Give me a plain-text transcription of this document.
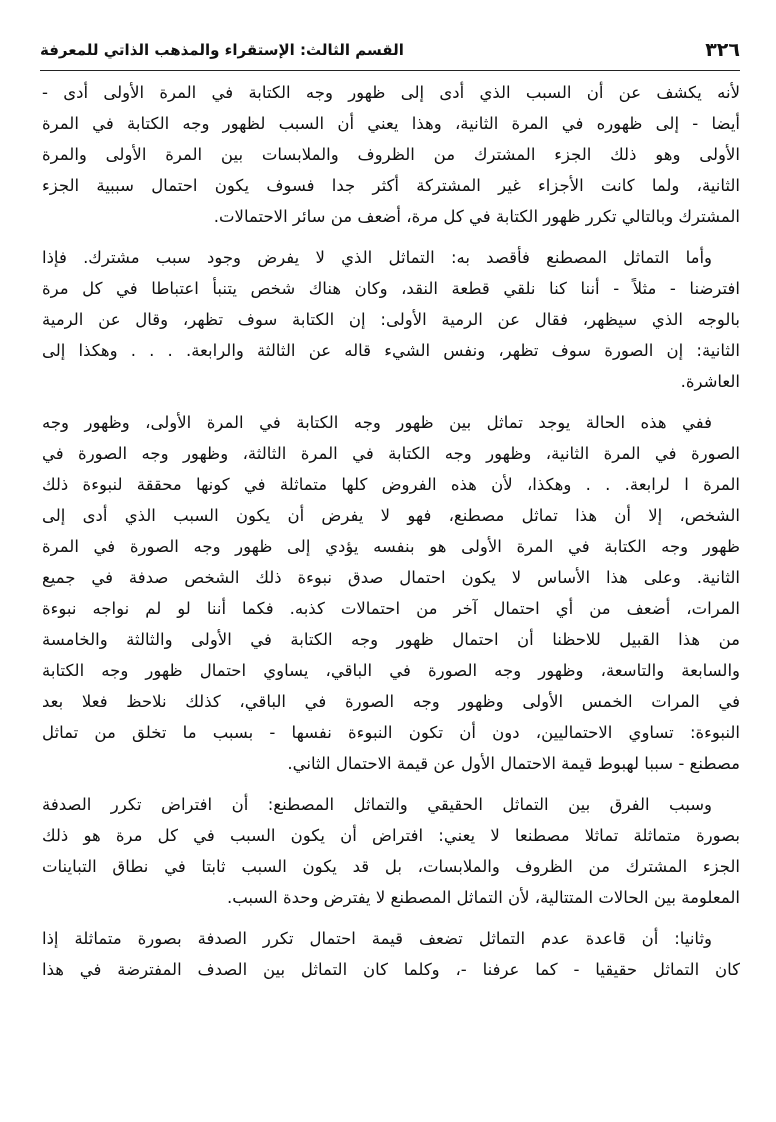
٣٢٦
القسم الثالث: الإستقراء والمذهب الذاتي للمعرفة
لأنه يكشف عن أن السبب الذي أدى إلى ظهور وجه الكتابة في المرة الأولى أدى -
أيضا - إلى ظهوره في المرة الثانية، وهذا يعني أن السبب لظهور وجه الكتابة في المرة
الأولى وهو ذلك الجزء المشترك من الظروف والملابسات بين المرة الأولى والمرة
الثانية، ولما كانت الأجزاء غير المشتركة أكثر جدا فسوف يكون احتمال سببية الجزء
المشترك وبالتالي تكرر ظهور الكتابة في كل مرة، أضعف من سائر الاحتمالات.
وأما التماثل المصطنع فأقصد به: التماثل الذي لا يفرض وجود سبب مشترك. فإذا
افترضنا - مثلاً - أننا كنا نلقي قطعة النقد، وكان هناك شخص يتنبأ اعتباطا في كل مرة
بالوجه الذي سيظهر، فقال عن الرمية الأولى: إن الكتابة سوف تظهر، وقال عن الرمية
الثانية: إن الصورة سوف تظهر، ونفس الشيء قاله عن الثالثة والرابعة. . . . وهكذا إلى
العاشرة.
ففي هذه الحالة يوجد تماثل بين ظهور وجه الكتابة في المرة الأولى، وظهور وجه
الصورة في المرة الثانية، وظهور وجه الكتابة في المرة الثالثة، وظهور وجه الصورة في
المرة ا لرابعة. . . وهكذا، لأن هذه الفروض كلها متماثلة في كونها محققة لنبوءة ذلك
الشخص، إلا أن هذا تماثل مصطنع، فهو لا يفرض أن يكون السبب الذي أدى إلى
ظهور وجه الكتابة في المرة الأولى هو بنفسه يؤدي إلى ظهور وجه الصورة في المرة
الثانية. وعلى هذا الأساس لا يكون احتمال صدق نبوءة ذلك الشخص صدفة في جميع
المرات، أضعف من أي احتمال آخر من احتمالات كذبه. فكما أننا لو لم نواجه نبوءة
من هذا القبيل للاحظنا أن احتمال ظهور وجه الكتابة في الأولى والثالثة والخامسة
والسابعة والتاسعة، وظهور وجه الصورة في الباقي، يساوي احتمال ظهور وجه الكتابة
في المرات الخمس الأولى وظهور وجه الصورة في الباقي، كذلك نلاحظ فعلا بعد
النبوءة: تساوي الاحتماليين، دون أن تكون النبوءة نفسها - بسبب ما تخلق من تماثل
مصطنع - سببا لهبوط قيمة الاحتمال الأول عن قيمة الاحتمال الثاني.
وسبب الفرق بين التماثل الحقيقي والتماثل المصطنع: أن افتراض تكرر الصدفة
بصورة متماثلة تماثلا مصطنعا لا يعني: افتراض أن يكون السبب في كل مرة هو ذلك
الجزء المشترك من الظروف والملابسات، بل قد يكون السبب ثابتا في نطاق التباينات
المعلومة بين الحالات المتتالية، لأن التماثل المصطنع لا يفترض وحدة السبب.
وثانيا: أن قاعدة عدم التماثل تضعف قيمة احتمال تكرر الصدفة بصورة متماثلة إذا
كان التماثل حقيقيا - كما عرفنا -، وكلما كان التماثل بين الصدف المفترضة في هذا
